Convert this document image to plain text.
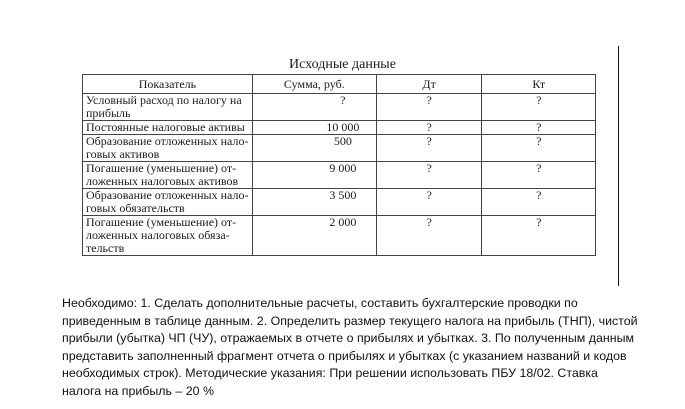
Исходные данные
Показатель	Сумма, руб.	Дт	Кт

Условный расход по налогу на
прибыль	?	?	?

Постоянные налоговые активы	10 000	?	?

Образование отложенных нало-
говых активов	500	?	?

Погашение (уменьшение) от-
ложенных налоговых активов	9 000	?	?

Образование отложенных нало-
говых обязательств	3 500	?	?

Погашение (уменьшение) от-
ложенных налоговых обяза-
тельств	2 000	?	?
Необходимо: 1. Сделать дополнительные расчеты, составить бухгалтерские проводки по
приведенным в таблице данным. 2. Определить размер текущего налога на прибыль (ТНП), чистой
прибыли (убытка) ЧП (ЧУ), отражаемых в отчете о прибылях и убытках. 3. По полученным данным
представить заполненный фрагмент отчета о прибылях и убытках (с указанием названий и кодов
необходимых строк). Методические указания: При решении использовать ПБУ 18/02. Ставка
налога на прибыль – 20 %
